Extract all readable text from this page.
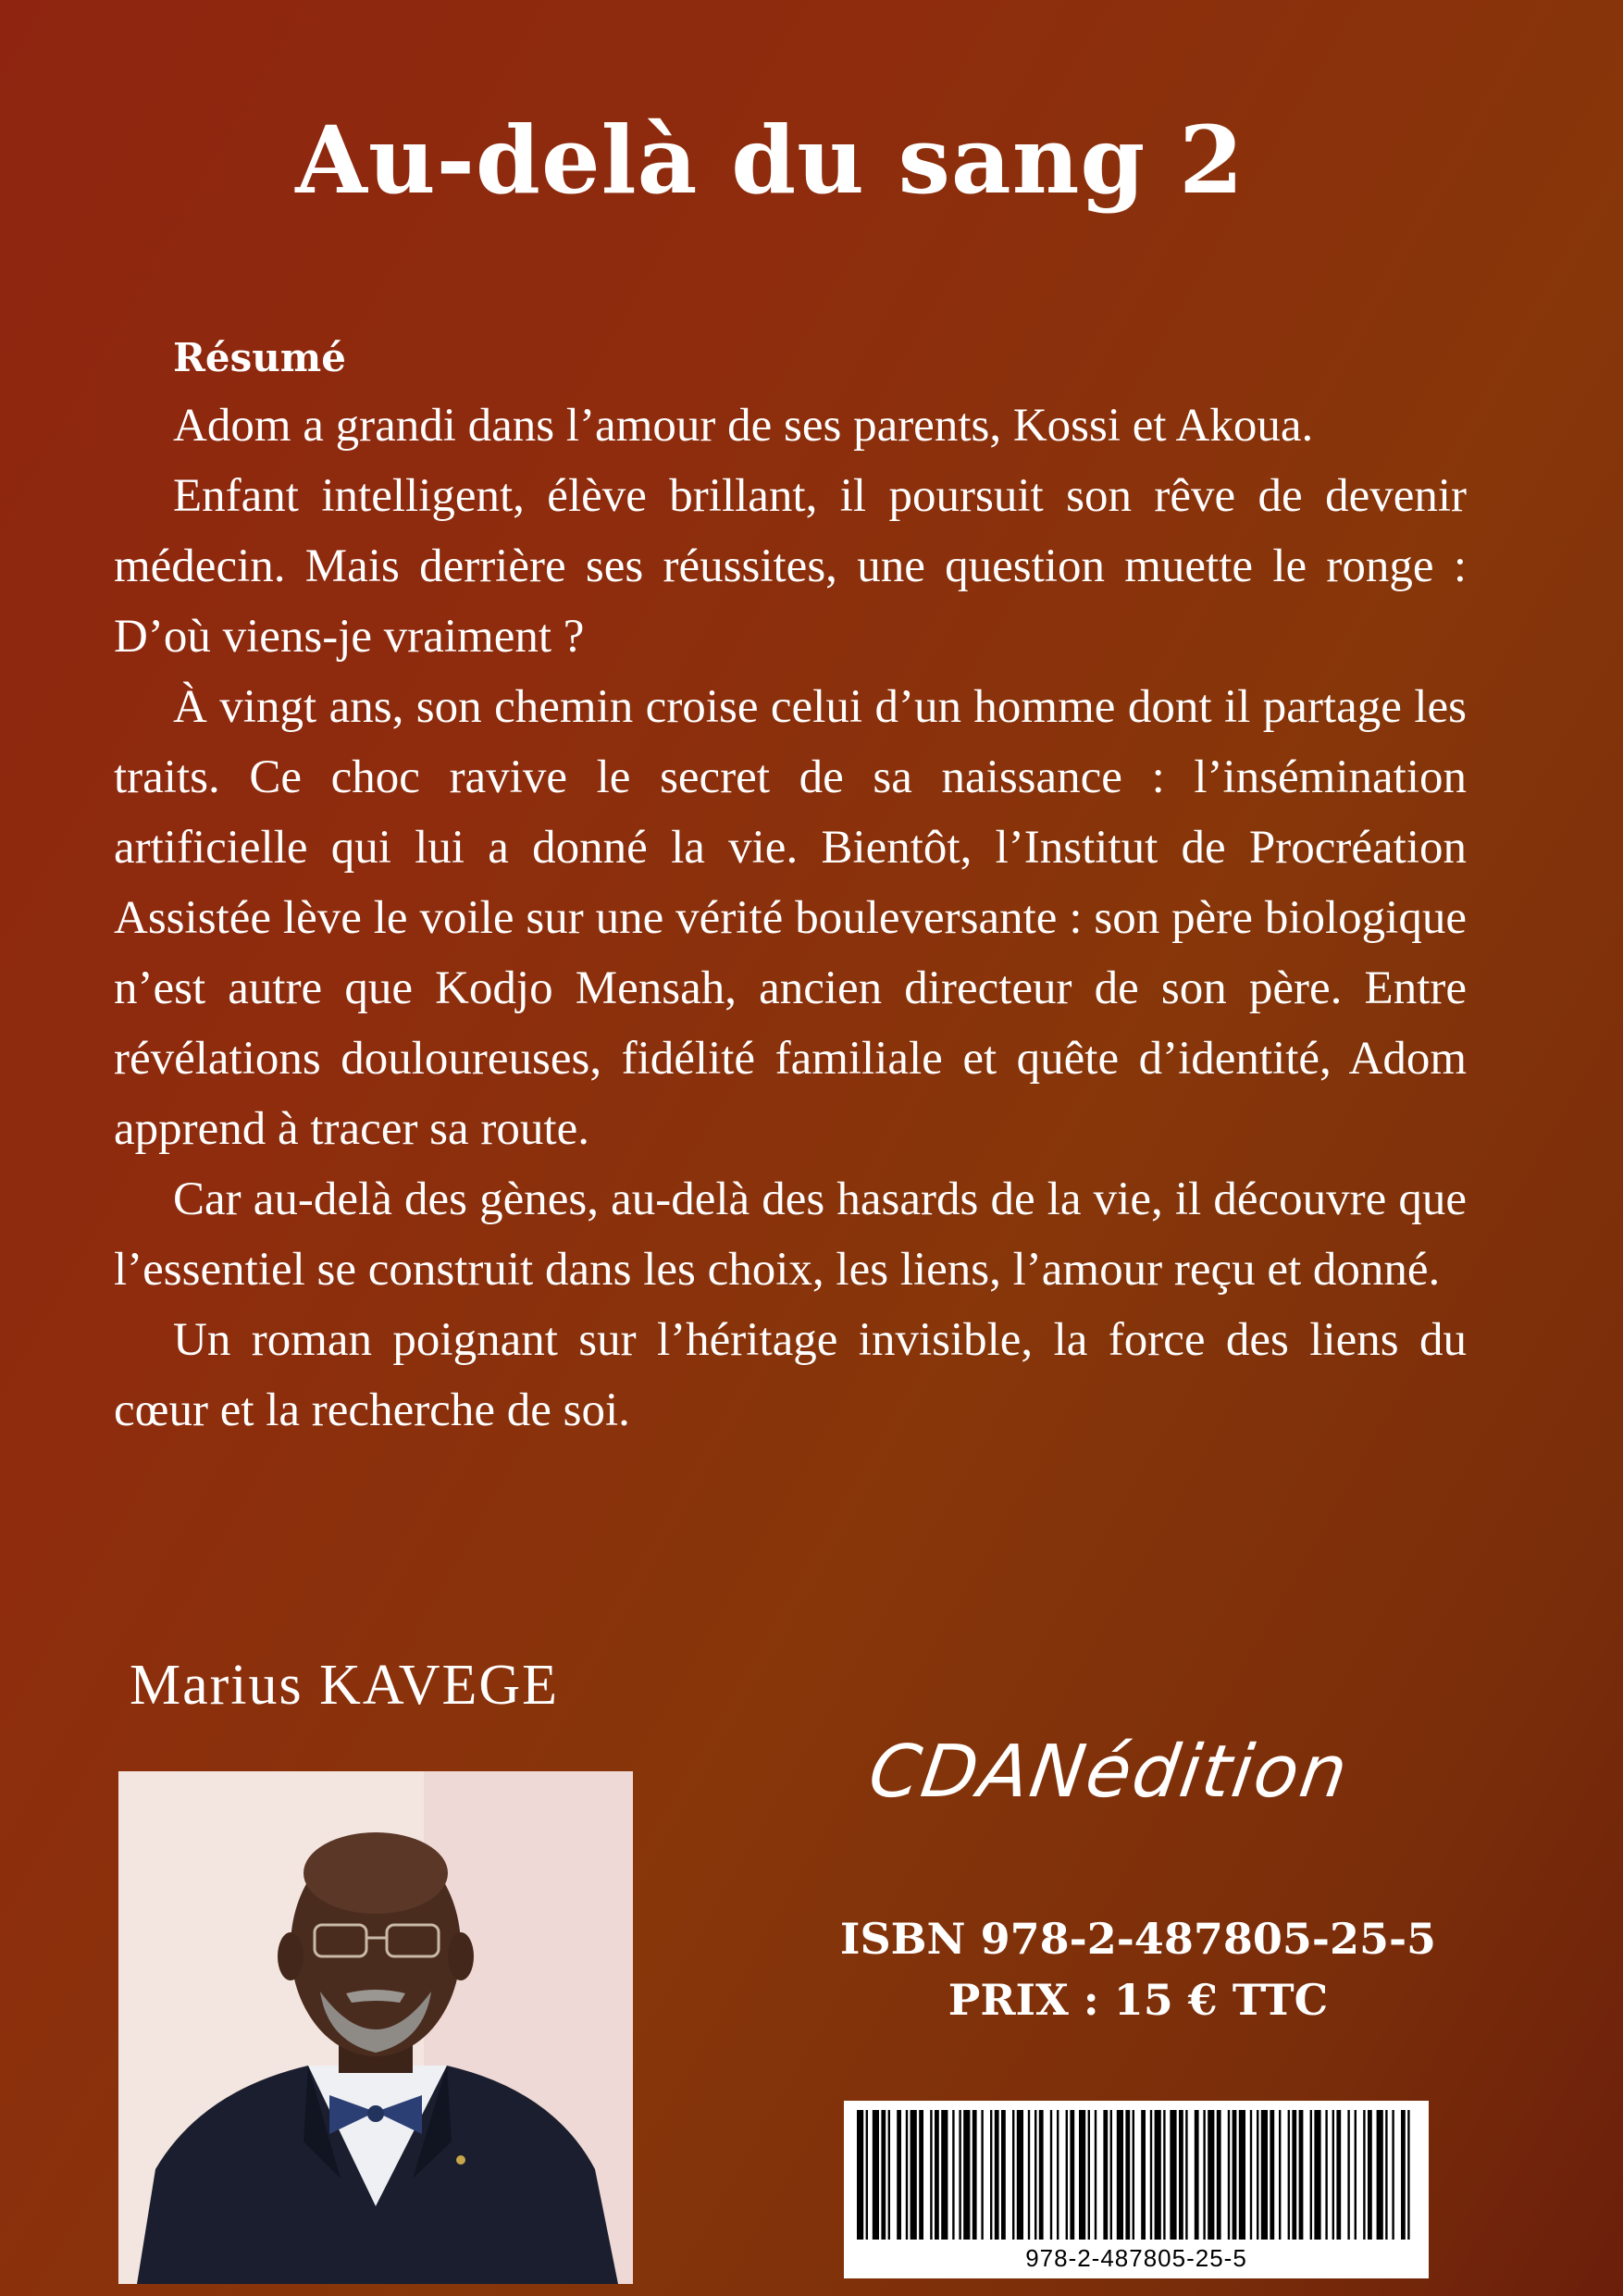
Au-delà du sang 2
Résumé

Adom a grandi dans l’amour de ses parents, Kossi et Akoua.

Enfant intelligent, élève brillant, il poursuit son rêve de devenir médecin. Mais derrière ses réussites, une question muette le ronge : D’où viens-je vraiment ?

À vingt ans, son chemin croise celui d’un homme dont il partage les traits. Ce choc ravive le secret de sa naissance : l’insémination artificielle qui lui a donné la vie. Bientôt, l’Institut de Procréation Assistée lève le voile sur une vérité bouleversante : son père biologique n’est autre que Kodjo Mensah, ancien directeur de son père. Entre révélations douloureuses, fidélité familiale et quête d’identité, Adom apprend à tracer sa route.

Car au-delà des gènes, au-delà des hasards de la vie, il découvre que l’essentiel se construit dans les choix, les liens, l’amour reçu et donné.

Un roman poignant sur l’héritage invisible, la force des liens du cœur et la recherche de soi.

Marius KAVEGE
CDANédition
ISBN 978-2-487805-25-5
PRIX : 15 € TTC
978-2-487805-25-5
